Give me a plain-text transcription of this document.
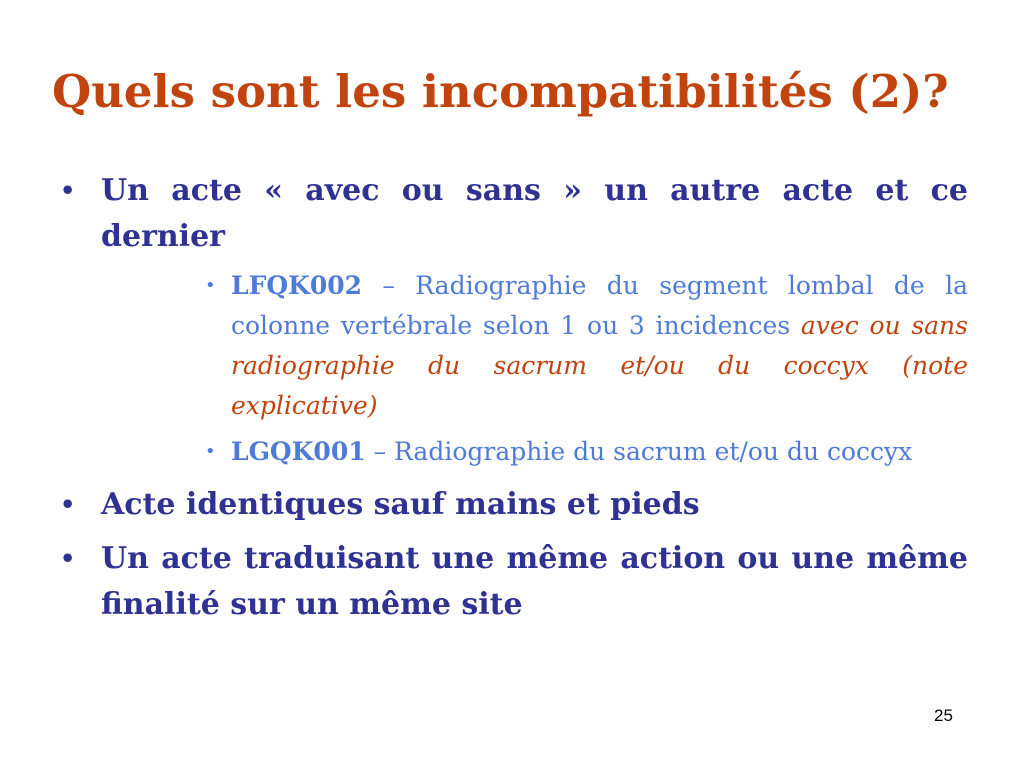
Quels sont les incompatibilités (2)?
• Un acte « avec ou sans » un autre acte et ce dernier
• LFQK002 – Radiographie du segment lombal de la colonne vertébrale selon 1 ou 3 incidences avec ou sans radiographie du sacrum et/ou du coccyx (note explicative)
• LGQK001 – Radiographie du sacrum et/ou du coccyx
• Acte identiques sauf mains et pieds
• Un acte traduisant une même action ou une même finalité sur un même site
25
